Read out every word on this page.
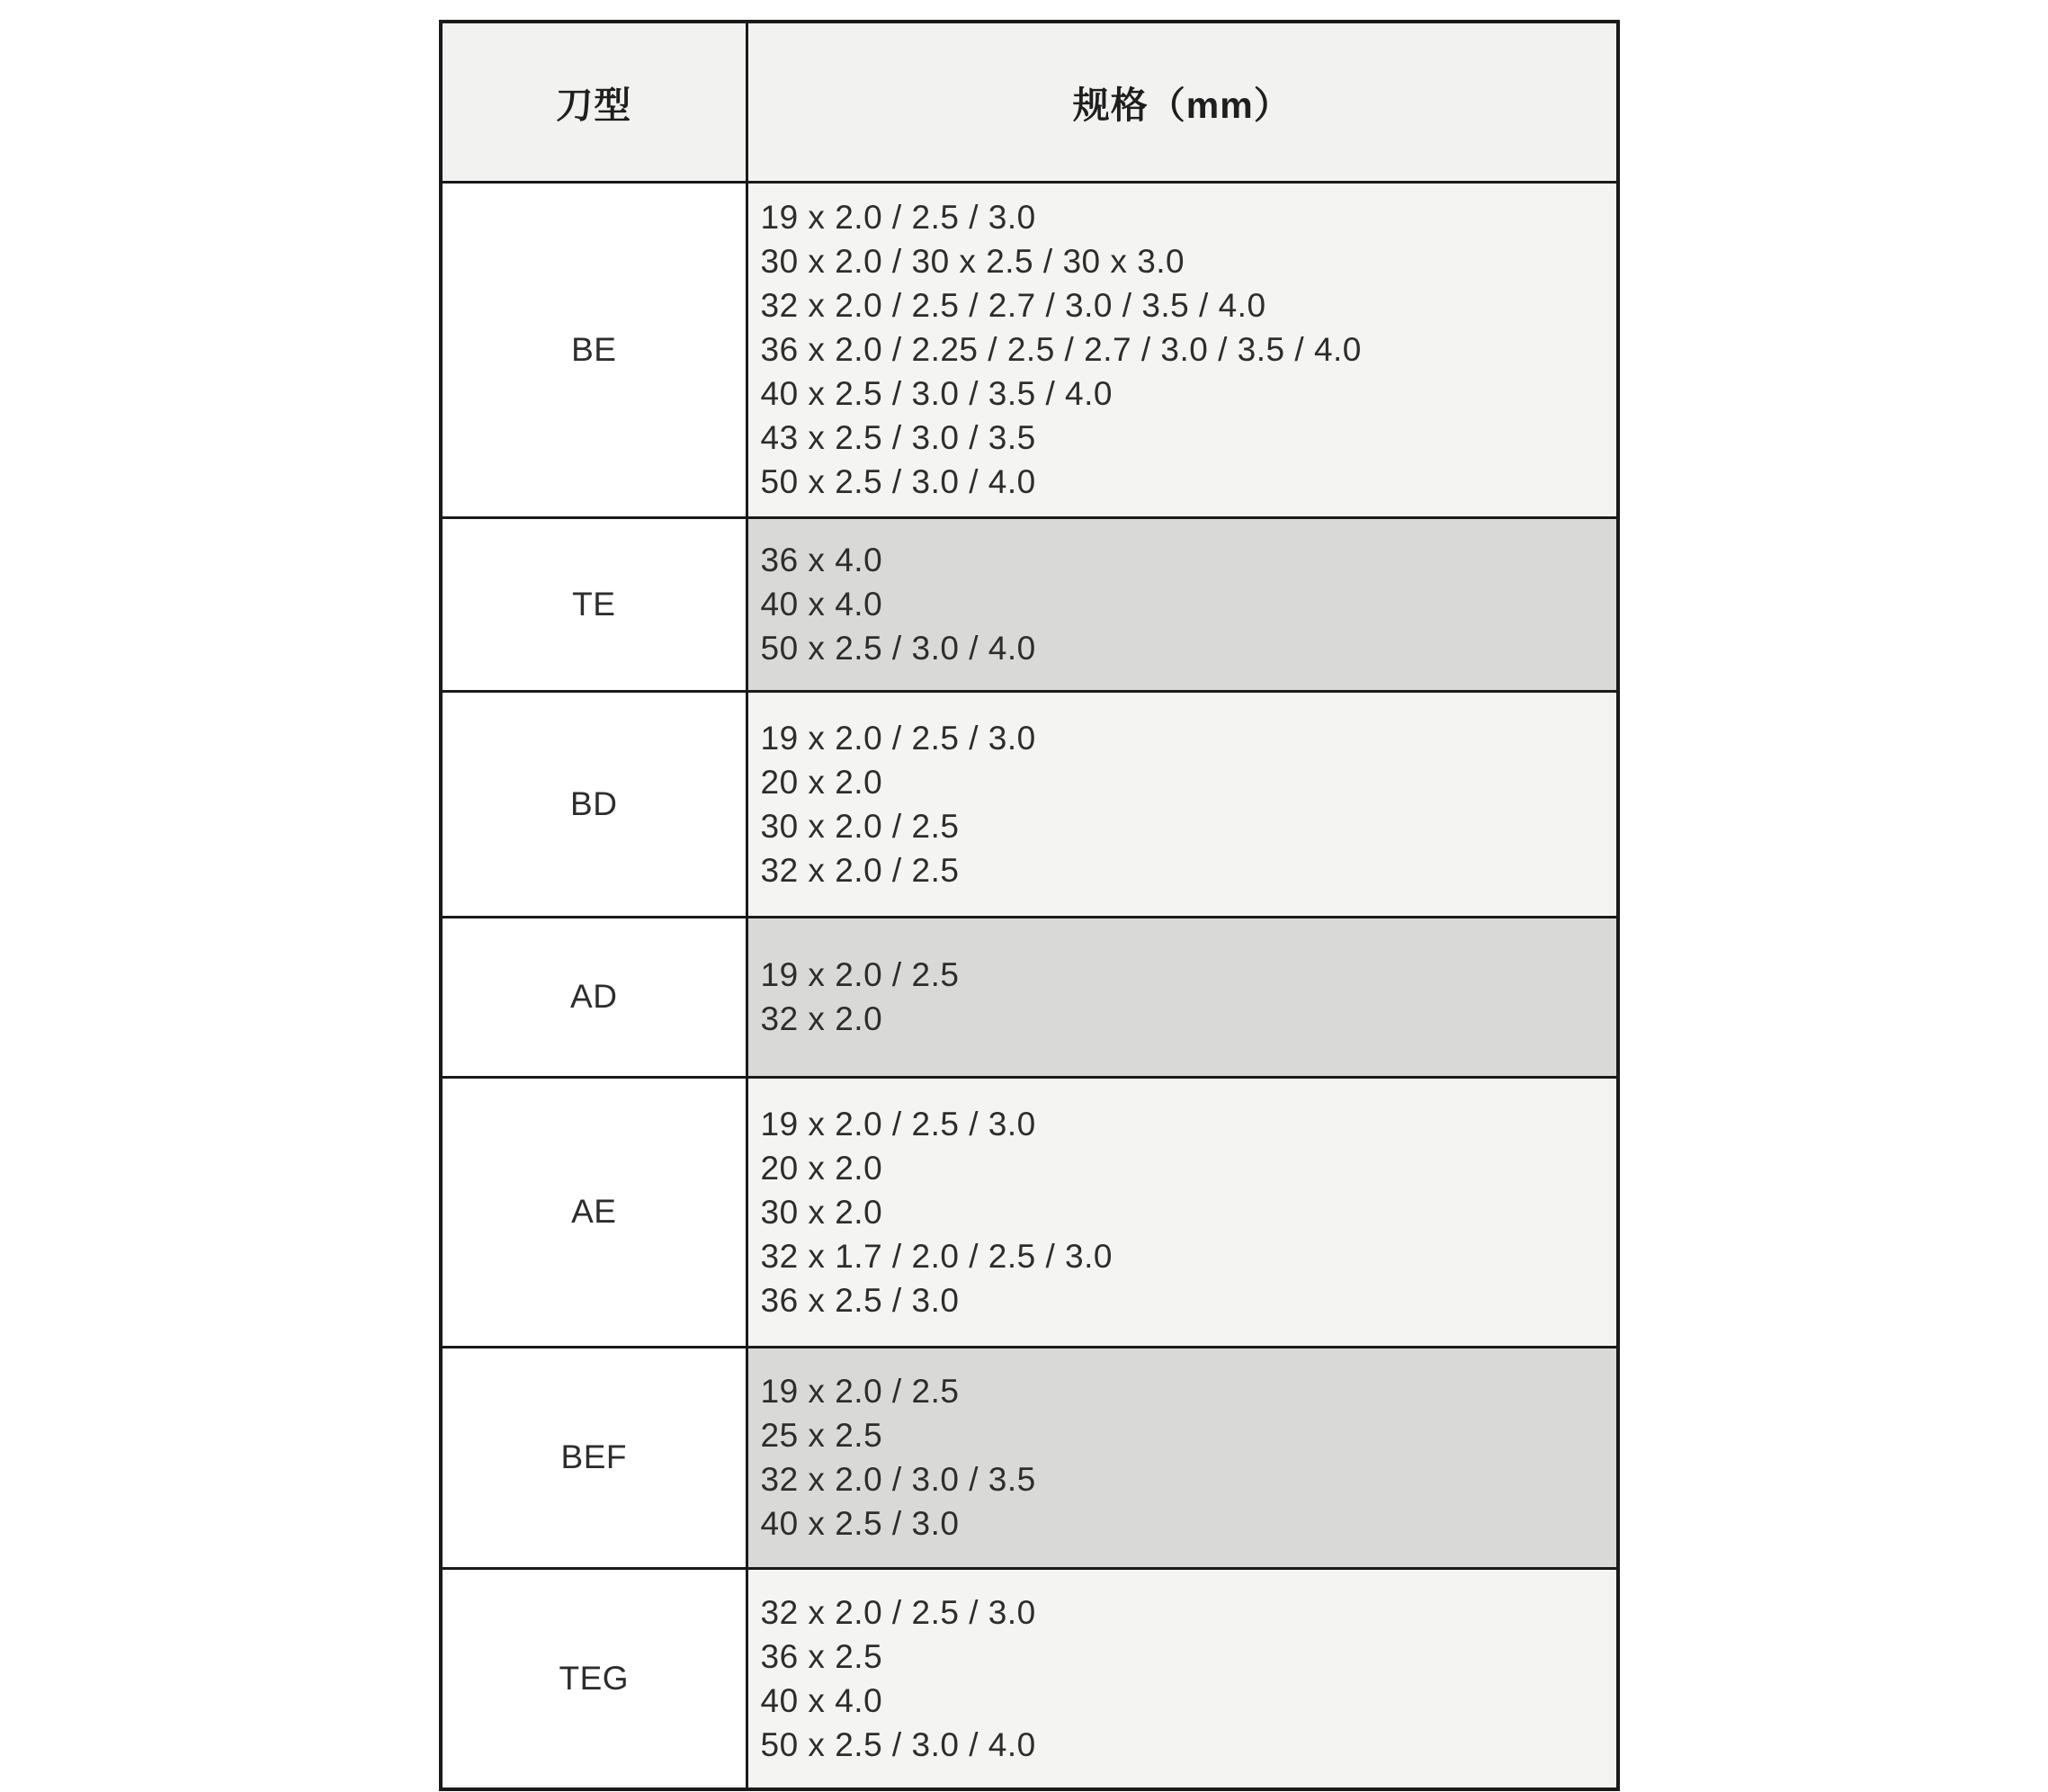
刀型	规格（mm）
BE	
19 x 2.0 / 2.5 / 3.0
30 x 2.0 / 30 x 2.5 / 30 x 3.0
32 x 2.0 / 2.5 / 2.7 / 3.0 / 3.5 / 4.0
36 x 2.0 / 2.25 / 2.5 / 2.7 / 3.0 / 3.5 / 4.0
40 x 2.5 / 3.0 / 3.5 / 4.0
43 x 2.5 / 3.0 / 3.5
50 x 2.5 / 3.0 / 4.0

TE	36 x 4.0
40 x 4.0
50 x 2.5 / 3.0 / 4.0

BD	19 x 2.0 / 2.5 / 3.0
20 x 2.0
30 x 2.0 / 2.5
32 x 2.0 / 2.5

AD	19 x 2.0 / 2.5
32 x 2.0

AE	19 x 2.0 / 2.5 / 3.0
20 x 2.0
30 x 2.0
32 x 1.7 / 2.0 / 2.5 / 3.0
36 x 2.5 / 3.0

BEF	19 x 2.0 / 2.5
25 x 2.5
32 x 2.0 / 3.0 / 3.5
40 x 2.5 / 3.0

TEG	32 x 2.0 / 2.5 / 3.0
36 x 2.5
40 x 4.0
50 x 2.5 / 3.0 / 4.0
